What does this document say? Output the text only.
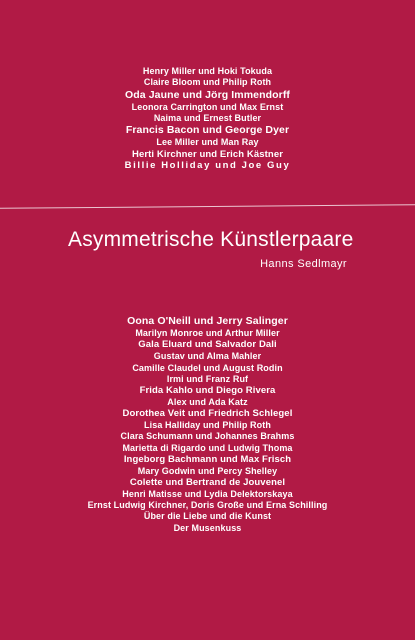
Henry Miller und Hoki Tokuda
Claire Bloom und Philip Roth
Oda Jaune und Jörg Immendorff
Leonora Carrington und Max Ernst
Naima und Ernest Butler
Francis Bacon und George Dyer
Lee Miller und Man Ray
Herti Kirchner und Erich Kästner
Billie Holliday und Joe Guy
Asymmetrische Künstlerpaare
Hanns Sedlmayr
Oona O'Neill und Jerry Salinger
Marilyn Monroe und Arthur Miller
Gala Eluard und Salvador Dali
Gustav und Alma Mahler
Camille Claudel und August Rodin
Irmi und Franz Ruf
Frida Kahlo und Diego Rivera
Alex und Ada Katz
Dorothea Veit und Friedrich Schlegel
Lisa Halliday und Philip Roth
Clara Schumann und Johannes Brahms
Marietta di Rigardo und Ludwig Thoma
Ingeborg Bachmann und Max Frisch
Mary Godwin und Percy Shelley
Colette und Bertrand de Jouvenel
Henri Matisse und Lydia Delektorskaya
Ernst Ludwig Kirchner, Doris Große und Erna Schilling
Über die Liebe und die Kunst
Der Musenkuss
